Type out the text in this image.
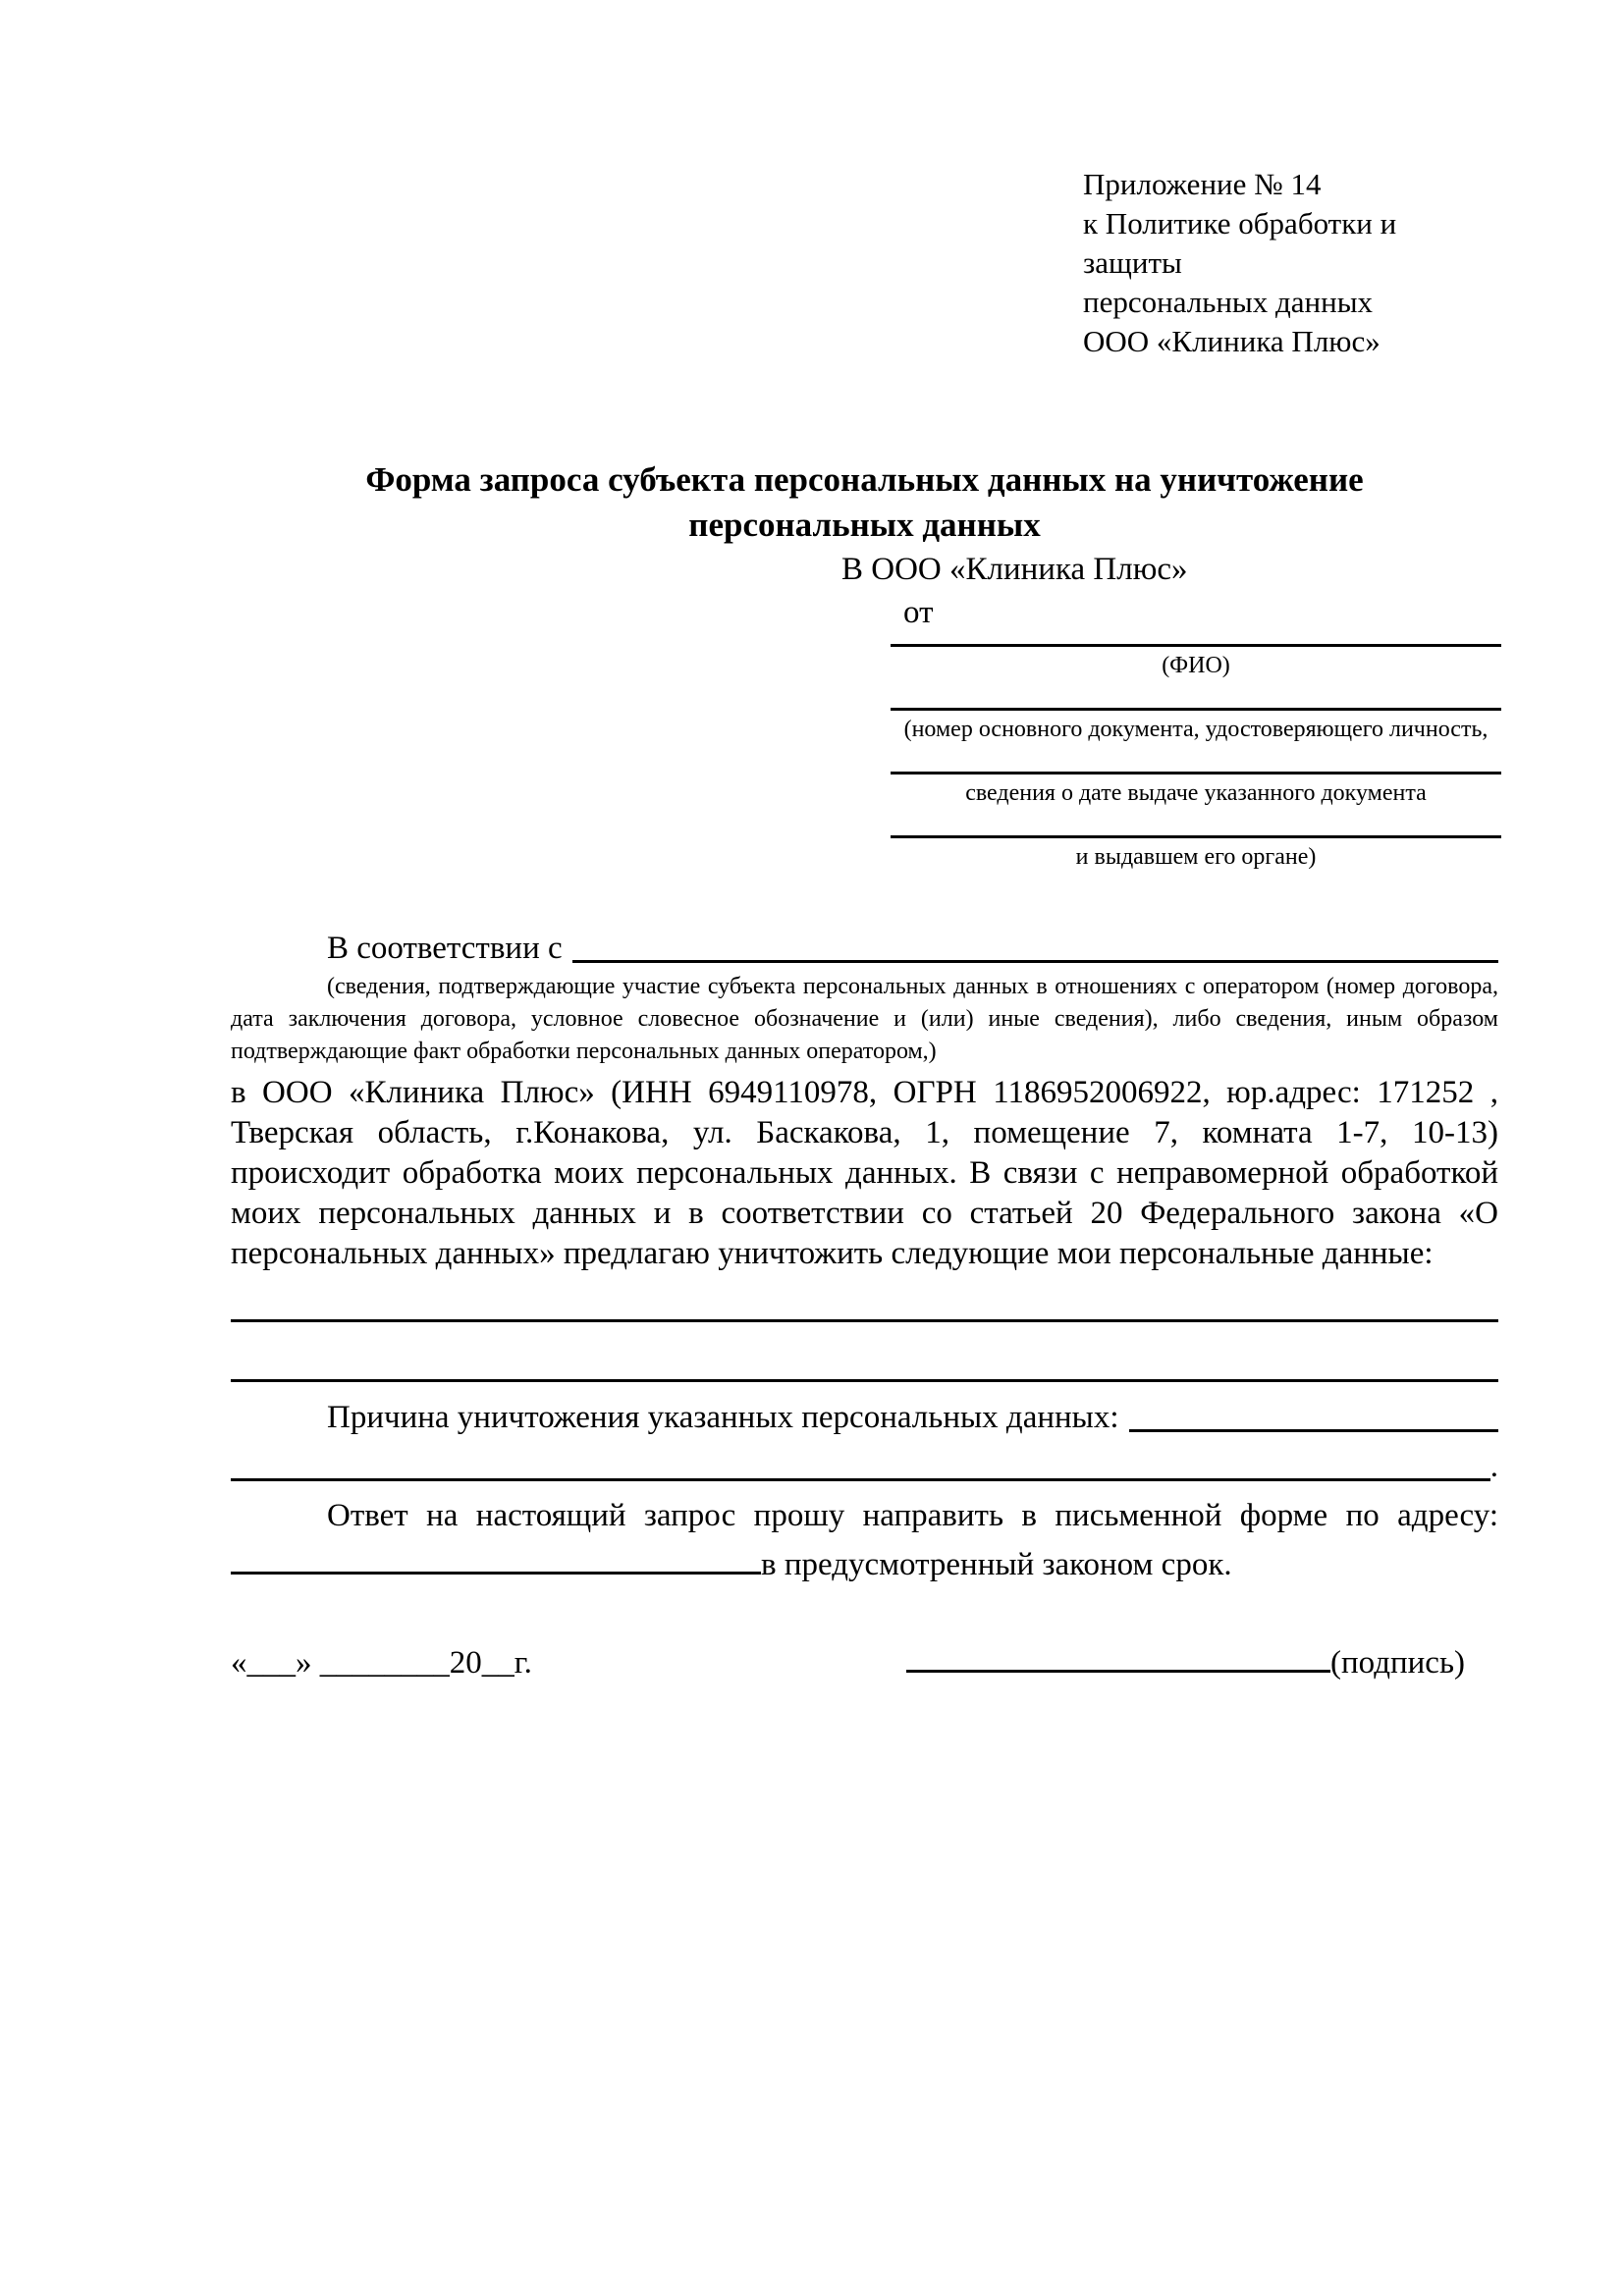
Приложение № 14
к Политике обработки и защиты
персональных данных
ООО «Клиника Плюс»
Форма запроса субъекта персональных данных на уничтожение
персональных данных
В ООО «Клиника Плюс»
от
(ФИО)
(номер основного документа, удостоверяющего личность,
сведения о дате выдаче указанного документа
и выдавшем его органе)
В соответствии с
(сведения, подтверждающие участие субъекта персональных данных в отношениях с оператором (номер договора, дата заключения договора, условное словесное обозначение и (или) иные сведения), либо сведения, иным образом подтверждающие факт обработки персональных данных оператором,)
в ООО «Клиника Плюс» (ИНН 6949110978, ОГРН 1186952006922, юр.адрес: 171252 , Тверская область, г.Конакова, ул. Баскакова, 1, помещение 7, комната 1-7, 10-13) происходит обработка моих персональных данных. В связи с неправомерной обработкой моих персональных данных и в соответствии со статьей 20 Федерального закона «О персональных данных» предлагаю уничтожить следующие мои персональные данные:
Причина уничтожения указанных персональных данных:
.
Ответ на настоящий запрос прошу направить в письменной форме по адресу:
в предусмотренный законом срок.
«___» ________20__г.	(подпись)
